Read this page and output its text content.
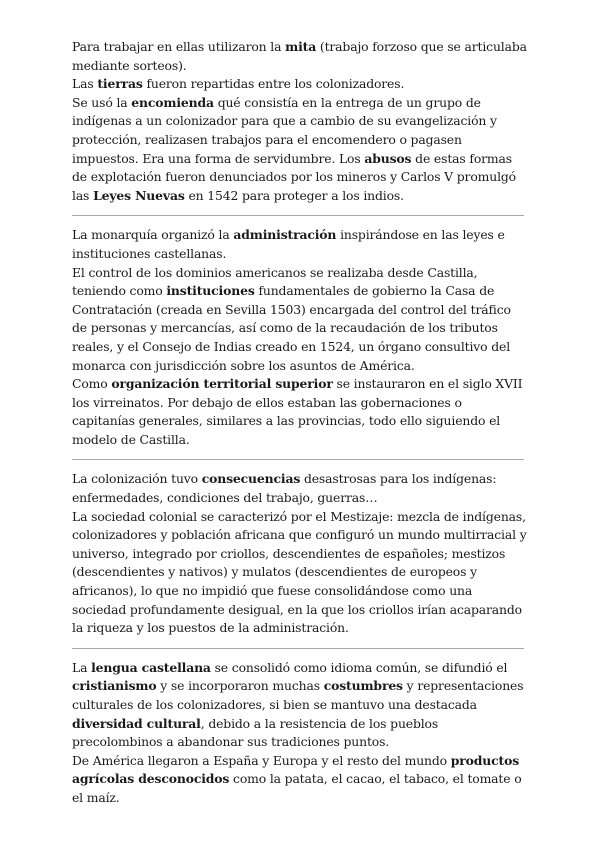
Para trabajar en ellas utilizaron la mita (trabajo forzoso que se articulaba mediante sorteos).

Las tierras fueron repartidas entre los colonizadores.

Se usó la encomienda qué consistía en la entrega de un grupo de indígenas a un colonizador para que a cambio de su evangelización y protección, realizasen trabajos para el encomendero o pagasen impuestos. Era una forma de servidumbre. Los abusos de estas formas de explotación fueron denunciados por los mineros y Carlos V promulgó las Leyes Nuevas en 1542 para proteger a los indios.

La monarquía organizó la administración inspirándose en las leyes e instituciones castellanas.

El control de los dominios americanos se realizaba desde Castilla, teniendo como instituciones fundamentales de gobierno la Casa de Contratación (creada en Sevilla 1503) encargada del control del tráfico de personas y mercancías, así como de la recaudación de los tributos reales, y el Consejo de Indias creado en 1524, un órgano consultivo del monarca con jurisdicción sobre los asuntos de América.

Como organización territorial superior se instauraron en el siglo XVII los virreinatos. Por debajo de ellos estaban las gobernaciones o capitanías generales, similares a las provincias, todo ello siguiendo el modelo de Castilla.

La colonización tuvo consecuencias desastrosas para los indígenas: enfermedades, condiciones del trabajo, guerras…

La sociedad colonial se caracterizó por el Mestizaje: mezcla de indígenas, colonizadores y población africana que configuró un mundo multirracial y universo, integrado por criollos, descendientes de españoles; mestizos (descendientes y nativos) y mulatos (descendientes de europeos y africanos), lo que no impidió que fuese consolidándose como una sociedad profundamente desigual, en la que los criollos irían acaparando la riqueza y los puestos de la administración.

La lengua castellana se consolidó como idioma común, se difundió el cristianismo y se incorporaron muchas costumbres y representaciones culturales de los colonizadores, si bien se mantuvo una destacada diversidad cultural, debido a la resistencia de los pueblos precolombinos a abandonar sus tradiciones puntos.

De América llegaron a España y Europa y el resto del mundo productos agrícolas desconocidos como la patata, el cacao, el tabaco, el tomate o el maíz.
